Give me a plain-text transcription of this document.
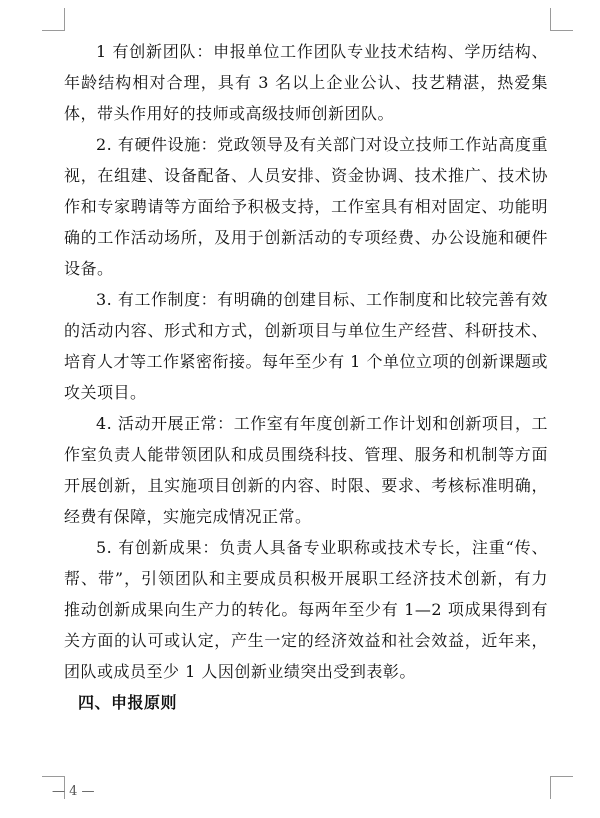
1 有创新团队：申报单位工作团队专业技术结构、学历结构、年龄结构相对合理，具有 3 名以上企业公认、技艺精湛，热爱集体，带头作用好的技师或高级技师创新团队。

2. 有硬件设施：党政领导及有关部门对设立技师工作站高度重视，在组建、设备配备、人员安排、资金协调、技术推广、技术协作和专家聘请等方面给予积极支持，工作室具有相对固定、功能明确的工作活动场所，及用于创新活动的专项经费、办公设施和硬件设备。

3. 有工作制度：有明确的创建目标、工作制度和比较完善有效的活动内容、形式和方式，创新项目与单位生产经营、科研技术、培育人才等工作紧密衔接。每年至少有 1 个单位立项的创新课题或攻关项目。

4. 活动开展正常：工作室有年度创新工作计划和创新项目，工作室负责人能带领团队和成员围绕科技、管理、服务和机制等方面开展创新，且实施项目创新的内容、时限、要求、考核标准明确，经费有保障，实施完成情况正常。

5. 有创新成果：负责人具备专业职称或技术专长，注重“传、帮、带”，引领团队和主要成员积极开展职工经济技术创新，有力推动创新成果向生产力的转化。每两年至少有 1—2 项成果得到有关方面的认可或认定，产生一定的经济效益和社会效益，近年来，团队或成员至少 1 人因创新业绩突出受到表彰。

四、申报原则

— 4 —
